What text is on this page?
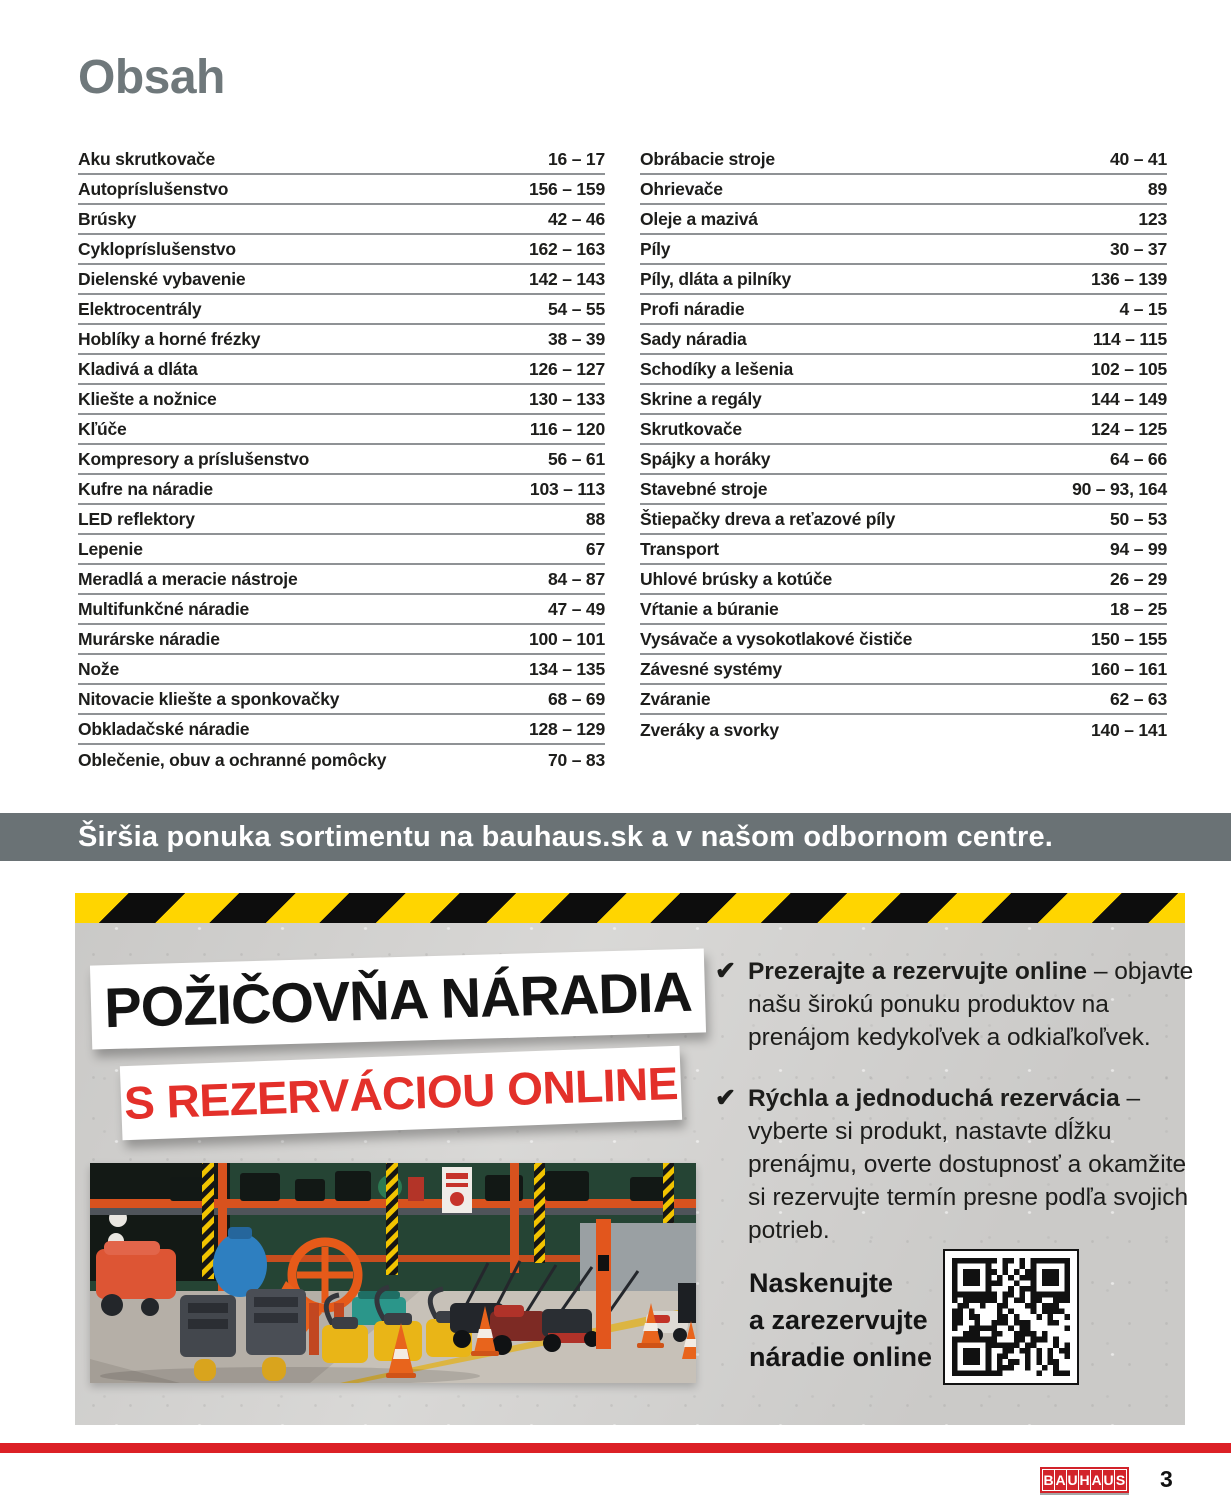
Obsah
Aku skrutkovače	16 – 17
Autopríslušenstvo	156 – 159
Brúsky	42 – 46
Cyklopríslušenstvo	162 – 163
Dielenské vybavenie	142 – 143
Elektrocentrály	54 – 55
Hoblíky a horné frézky	38 – 39
Kladivá a dláta	126 – 127
Kliešte a nožnice	130 – 133
Kľúče	116 – 120
Kompresory a príslušenstvo	56 – 61
Kufre na náradie	103 – 113
LED reflektory	88
Lepenie	67
Meradlá a meracie nástroje	84 – 87
Multifunkčné náradie	47 – 49
Murárske náradie	100 – 101
Nože	134 – 135
Nitovacie kliešte a sponkovačky	68 – 69
Obkladačské náradie	128 – 129
Oblečenie, obuv a ochranné pomôcky	70 – 83
Obrábacie stroje	40 – 41
Ohrievače	89
Oleje a mazivá	123
Píly	30 – 37
Píly, dláta a pilníky	136 – 139
Profi náradie	4 – 15
Sady náradia	114 – 115
Schodíky a lešenia	102 – 105
Skrine a regály	144 – 149
Skrutkovače	124 – 125
Spájky a horáky	64 – 66
Stavebné stroje	90 – 93, 164
Štiepačky dreva a reťazové píly	50 – 53
Transport	94 – 99
Uhlové brúsky a kotúče	26 – 29
Vŕtanie a búranie	18 – 25
Vysávače a vysokotlakové čističe	150 – 155
Závesné systémy	160 – 161
Zváranie	62 – 63
Zveráky a svorky	140 – 141
Širšia ponuka sortimentu na bauhaus.sk a v našom odbornom centre.
POŽIČOVŇA NÁRADIA
S REZERVÁCIOU ONLINE
✔ Prezerajte a rezervujte online – objavte našu širokú ponuku produktov na prenájom kedykoľvek a odkiaľkoľvek.
✔ Rýchla a jednoduchá rezervácia – vyberte si produkt, nastavte dĺžku prenájmu, overte dostupnosť a okamžite si rezervujte termín presne podľa svojich potrieb.
Naskenujte
a zarezervujte
náradie online
B A U H A U S 3
